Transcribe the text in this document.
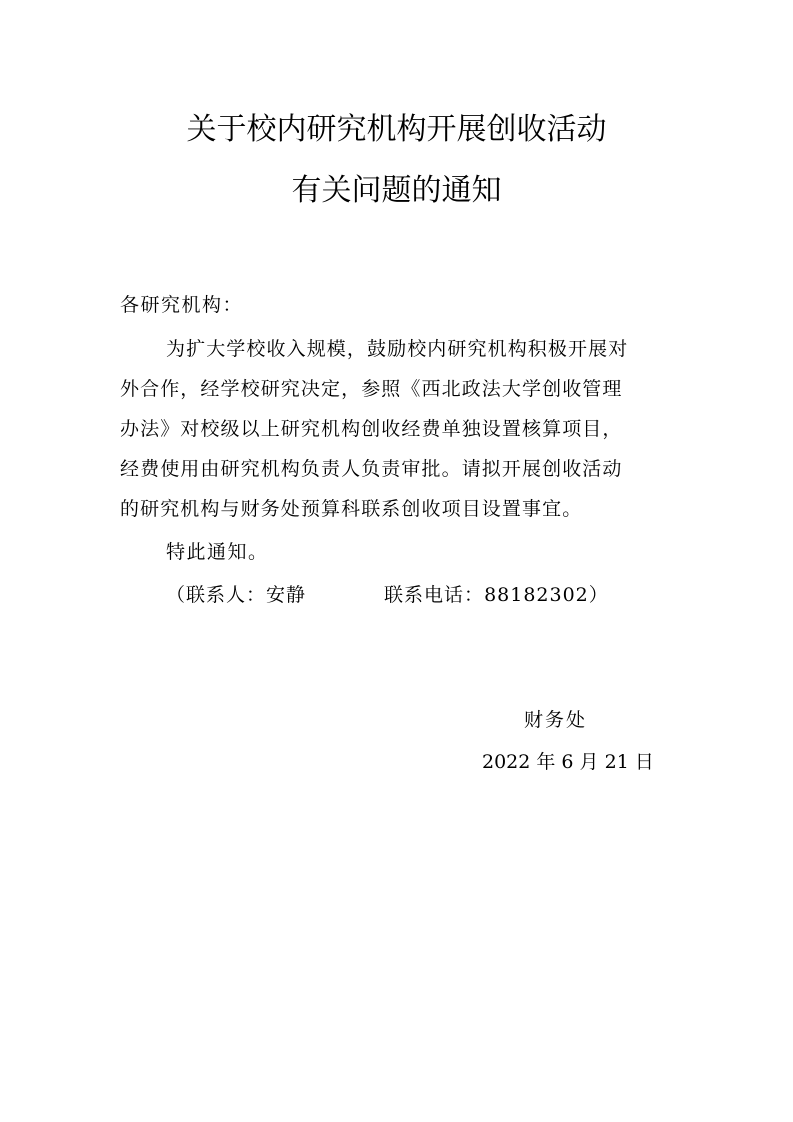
关于校内研究机构开展创收活动
有关问题的通知
各研究机构：
为扩大学校收入规模，鼓励校内研究机构积极开展对
外合作，经学校研究决定，参照《西北政法大学创收管理
办法》对校级以上研究机构创收经费单独设置核算项目，
经费使用由研究机构负责人负责审批。请拟开展创收活动
的研究机构与财务处预算科联系创收项目设置事宜。
特此通知。
（联系人：安静	联系电话：88182302）
财务处
2022 年 6 月 21 日
